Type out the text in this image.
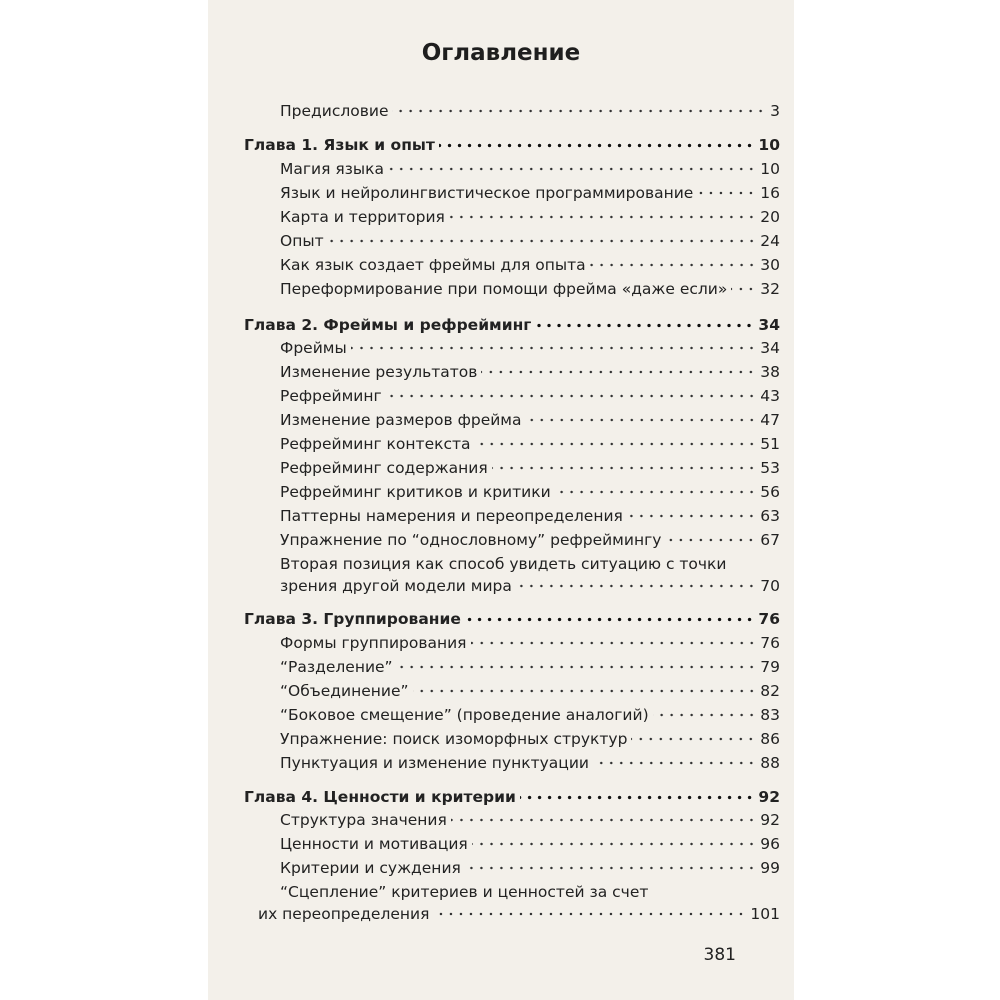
Оглавление
Предисловие	3
Глава 1. Язык и опыт	10
Магия языка	10
Язык и нейролингвистическое программирование	16
Карта и территория	20
Опыт	24
Как язык создает фреймы для опыта	30
Переформирование при помощи фрейма «даже если» 32
Глава 2. Фреймы и рефрейминг	34
Фреймы	34
Изменение результатов	38
Рефрейминг	43
Изменение размеров фрейма	47
Рефрейминг контекста	51
Рефрейминг содержания	53
Рефрейминг критиков и критики	56
Паттерны намерения и переопределения	63
Упражнение по “однословному” рефреймингу	67
Вторая позиция как способ увидеть ситуацию с точки
зрения другой модели мира	70
Глава 3. Группирование	76
Формы группирования	76
“Разделение”	79
“Объединение”	82
“Боковое смещение” (проведение аналогий)	83
Упражнение: поиск изоморфных структур	86
Пунктуация и изменение пунктуации	88
Глава 4. Ценности и критерии	92
Структура значения	92
Ценности и мотивация	96
Критерии и суждения	99
“Сцепление” критериев и ценностей за счет
их переопределения	101
381
